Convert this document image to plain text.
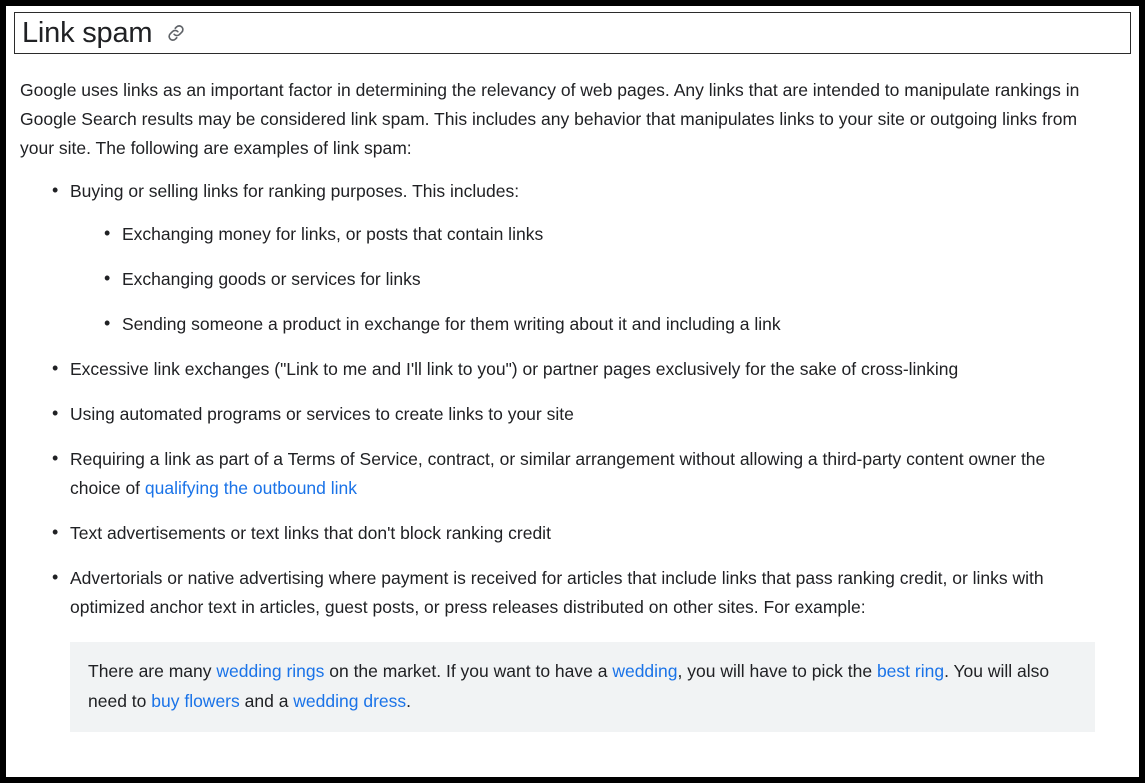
Link spam

Google uses links as an important factor in determining the relevancy of web pages. Any links that are intended to manipulate rankings in Google Search results may be considered link spam. This includes any behavior that manipulates links to your site or outgoing links from your site. The following are examples of link spam:

• Buying or selling links for ranking purposes. This includes:
• Exchanging money for links, or posts that contain links
• Exchanging goods or services for links
• Sending someone a product in exchange for them writing about it and including a link
• Excessive link exchanges ("Link to me and I'll link to you") or partner pages exclusively for the sake of cross-linking
• Using automated programs or services to create links to your site
• Requiring a link as part of a Terms of Service, contract, or similar arrangement without allowing a third-party content owner the choice of qualifying the outbound link
• Text advertisements or text links that don't block ranking credit
• Advertorials or native advertising where payment is received for articles that include links that pass ranking credit, or links with optimized anchor text in articles, guest posts, or press releases distributed on other sites. For example:

There are many wedding rings on the market. If you want to have a wedding, you will have to pick the best ring. You will also need to buy flowers and a wedding dress.
